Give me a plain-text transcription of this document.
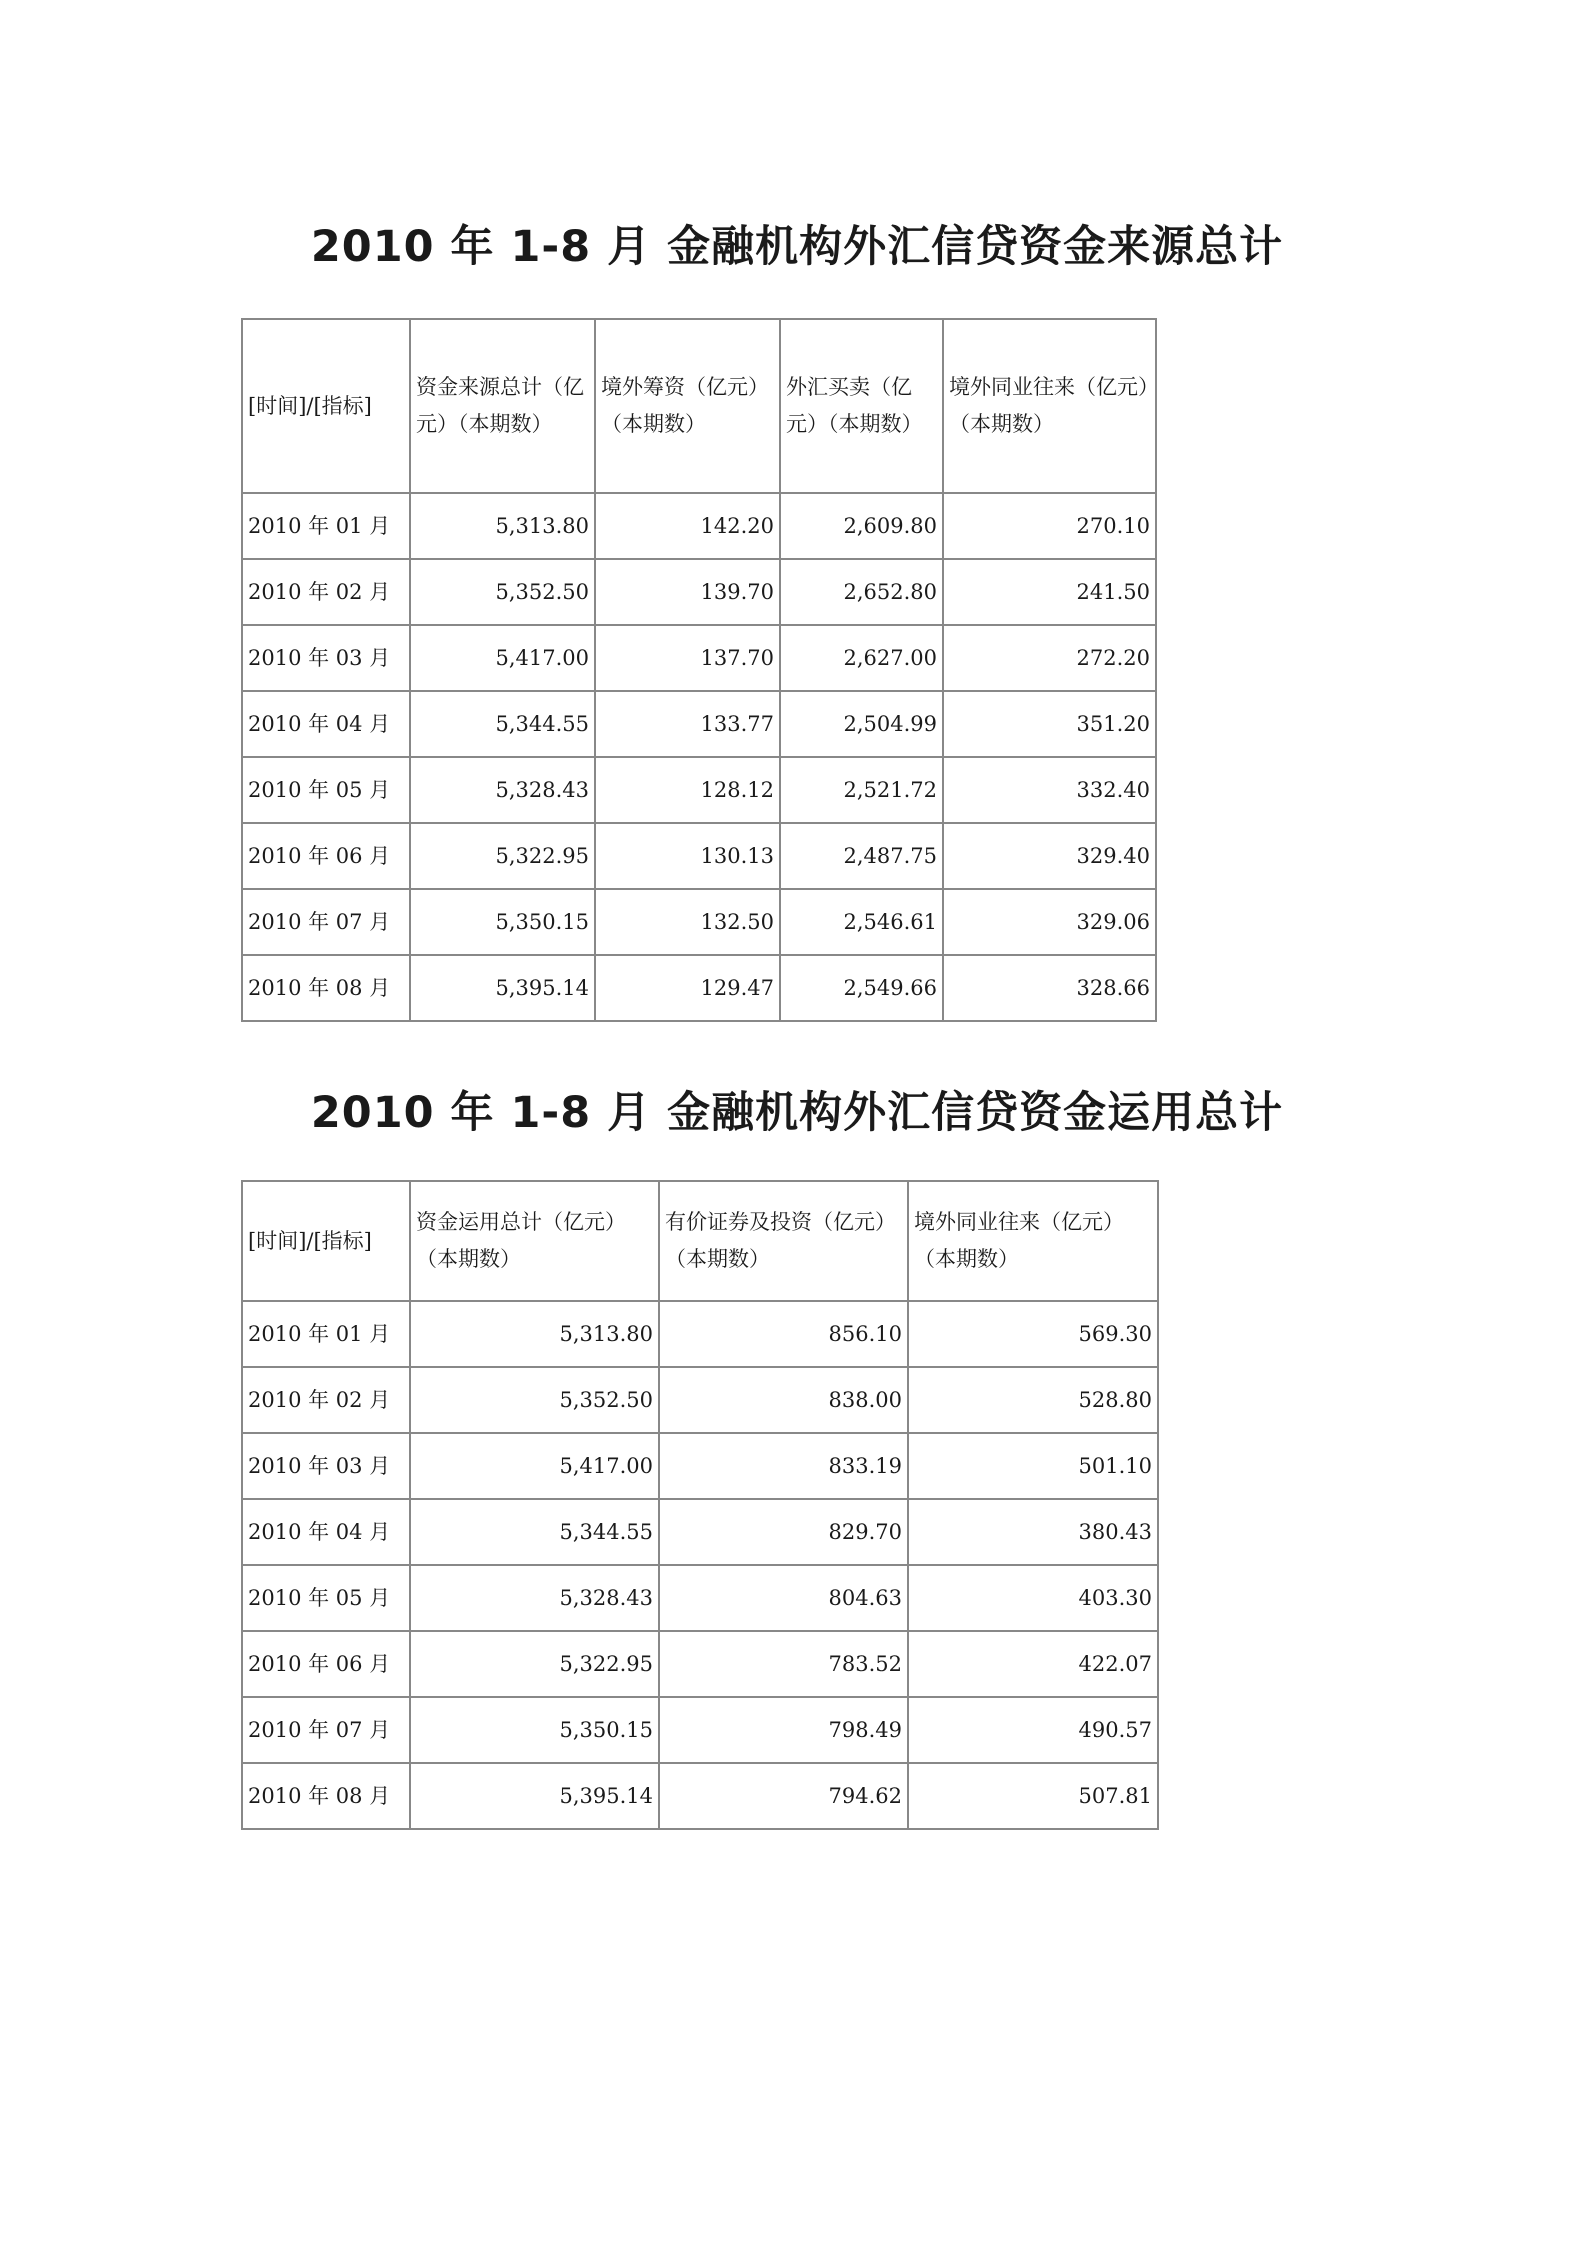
2010 年 1-8 月 金融机构外汇信贷资金来源总计
[时间]/[指标]	资金来源总计（亿元）（本期数）	境外筹资（亿元）（本期数）	外汇买卖（亿元）（本期数）	境外同业往来（亿元）（本期数）
2010 年 01 月	5,313.80	142.20	2,609.80	270.10
2010 年 02 月	5,352.50	139.70	2,652.80	241.50
2010 年 03 月	5,417.00	137.70	2,627.00	272.20
2010 年 04 月	5,344.55	133.77	2,504.99	351.20
2010 年 05 月	5,328.43	128.12	2,521.72	332.40
2010 年 06 月	5,322.95	130.13	2,487.75	329.40
2010 年 07 月	5,350.15	132.50	2,546.61	329.06
2010 年 08 月	5,395.14	129.47	2,549.66	328.66
2010 年 1-8 月 金融机构外汇信贷资金运用总计
[时间]/[指标]	资金运用总计（亿元）（本期数）	有价证券及投资（亿元）（本期数）	境外同业往来（亿元）（本期数）
2010 年 01 月	5,313.80	856.10	569.30
2010 年 02 月	5,352.50	838.00	528.80
2010 年 03 月	5,417.00	833.19	501.10
2010 年 04 月	5,344.55	829.70	380.43
2010 年 05 月	5,328.43	804.63	403.30
2010 年 06 月	5,322.95	783.52	422.07
2010 年 07 月	5,350.15	798.49	490.57
2010 年 08 月	5,395.14	794.62	507.81
